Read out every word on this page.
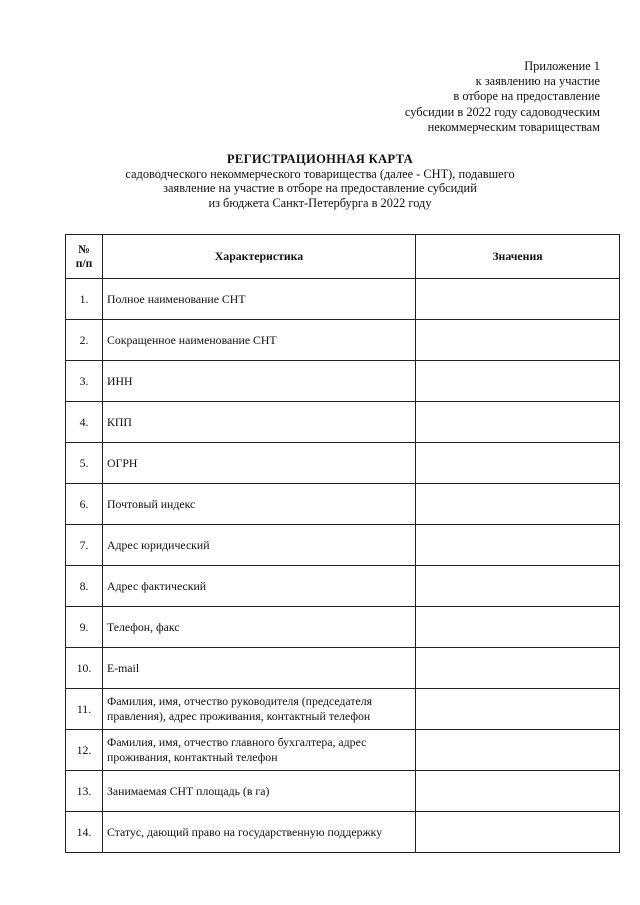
Приложение 1
к заявлению на участие
в отборе на предоставление
субсидии в 2022 году садоводческим
некоммерческим товариществам
РЕГИСТРАЦИОННАЯ КАРТА
садоводческого некоммерческого товарищества (далее - СНТ), подавшего
заявление на участие в отборе на предоставление субсидий
из бюджета Санкт-Петербурга в 2022 году
№
п/п	Характеристика	Значения
1.	Полное наименование СНТ	

2.	Сокращенное наименование СНТ	

3.	ИНН	

4.	КПП	

5.	ОГРН	

6.	Почтовый индекс	

7.	Адрес юридический	

8.	Адрес фактический	

9.	Телефон, факс	

10.	E-mail	

11.	Фамилия, имя, отчество руководителя (председателя правления), адрес проживания, контактный телефон	

12.	Фамилия, имя, отчество главного бухгалтера, адрес проживания, контактный телефон	

13.	Занимаемая СНТ площадь (в га)	

14.	Статус, дающий право на государственную поддержку	
